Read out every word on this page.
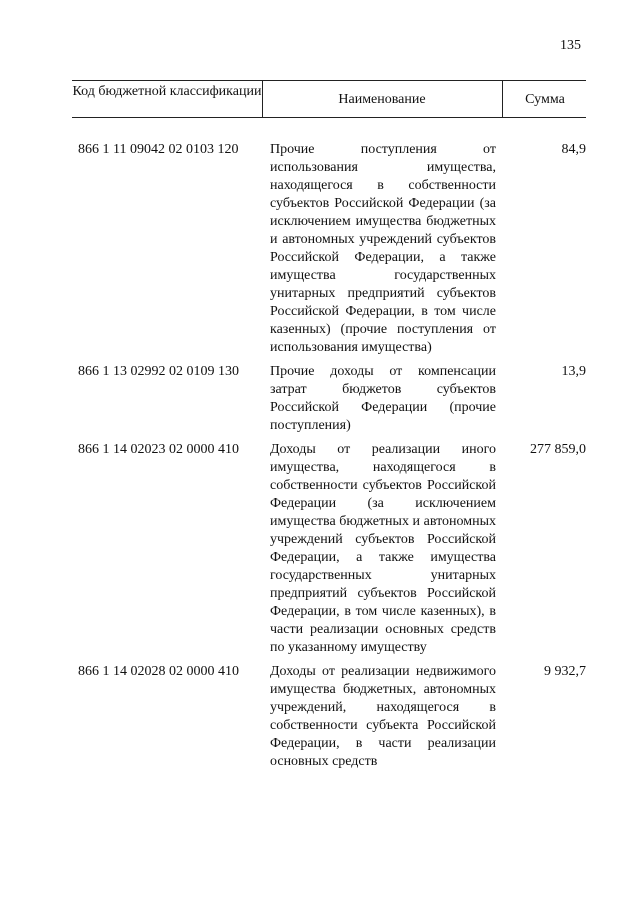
135
Код бюджетной классификации
Наименование	Сумма
866 1 11 09042 02 0103 120 Прочие поступления от использования имущества, находящегося в собственности субъектов Российской Федерации (за исключением имущества бюджетных и автономных учреждений субъектов Российской Федерации, а также имущества государственных унитарных предприятий субъектов Российской Федерации, в том числе казенных) (прочие поступления от использования имущества)
84,9
866 1 13 02992 02 0109 130 Прочие доходы от компенсации затрат бюджетов субъектов Российской Федерации (прочие поступления)
13,9
866 1 14 02023 02 0000 410 Доходы от реализации иного имущества, находящегося в собственности субъектов Российской Федерации (за исключением имущества бюджетных и автономных учреждений субъектов Российской Федерации, а также имущества государственных унитарных предприятий субъектов Российской Федерации, в том числе казенных), в части реализации основных средств по указанному имуществу
277 859,0
866 1 14 02028 02 0000 410 Доходы от реализации недвижимого имущества бюджетных, автономных учреждений, находящегося в собственности субъекта Российской Федерации, в части реализации основных средств
9 932,7
